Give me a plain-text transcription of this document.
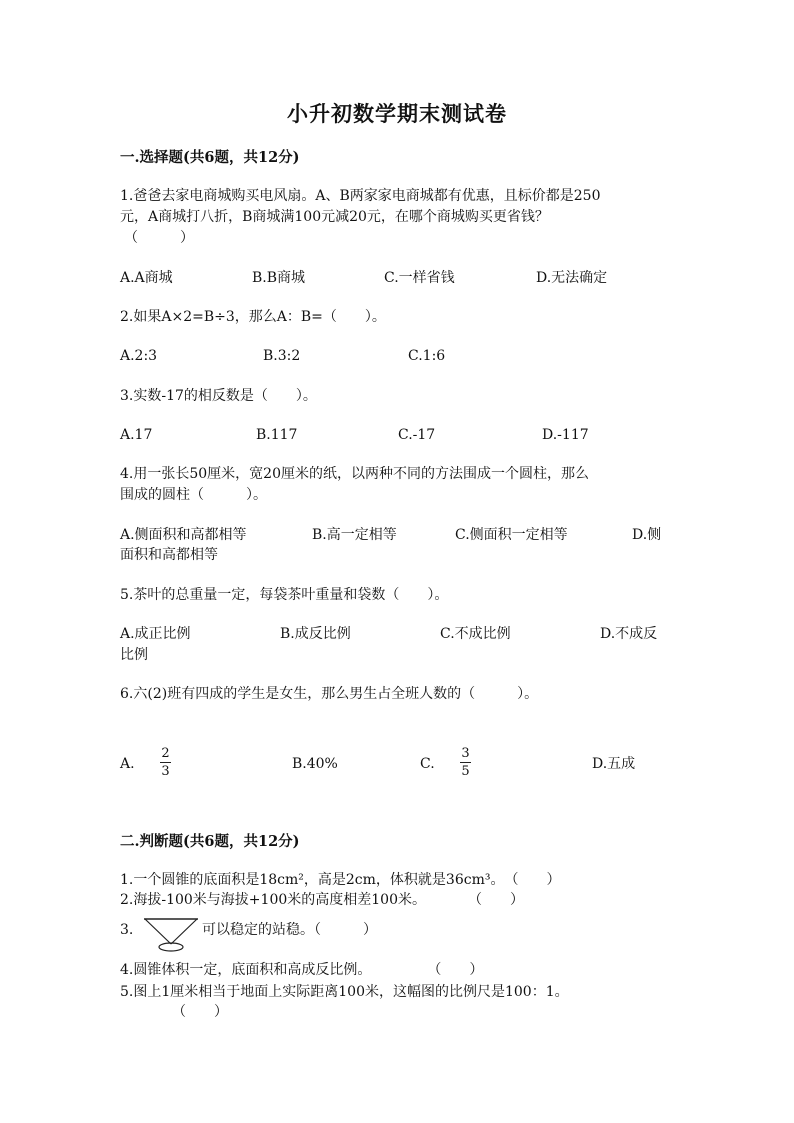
小升初数学期末测试卷
一.选择题(共6题，共12分)
1.爸爸去家电商城购买电风扇。A、B两家家电商城都有优惠，且标价都是250
元，A商城打八折，B商城满100元减20元，在哪个商城购买更省钱？
（　　　）
A.A商城	B.B商城	C.一样省钱	D.无法确定
2.如果A×2=B÷3，那么A：B=（　　）。
A.2:3	B.3:2	C.1:6
3.实数-17的相反数是（　　）。
A.17	B.117	C.-17	D.-117
4.用一张长50厘米，宽20厘米的纸，以两种不同的方法围成一个圆柱，那么
围成的圆柱（　　　）。
A.侧面积和高都相等	B.高一定相等	C.侧面积一定相等	D.侧
面积和高都相等
5.茶叶的总重量一定，每袋茶叶重量和袋数（　　）。
A.成正比例	B.成反比例	C.不成比例	D.不成反
比例
6.六(2)班有四成的学生是女生，那么男生占全班人数的（　　　）。
A.
2
3	B.40%	C.
3
5	D.五成
二.判断题(共6题，共12分)
1.一个圆锥的底面积是18cm²，高是2cm，体积就是36cm³。　（　　）
2.海拔-100米与海拔+100米的高度相差100米。　　　　（　　）
3.	可以稳定的站稳。（　　　）
4.圆锥体积一定，底面积和高成反比例。　　　　　（　　）
5.图上1厘米相当于地面上实际距离100米，这幅图的比例尺是100：1。
（　　）
